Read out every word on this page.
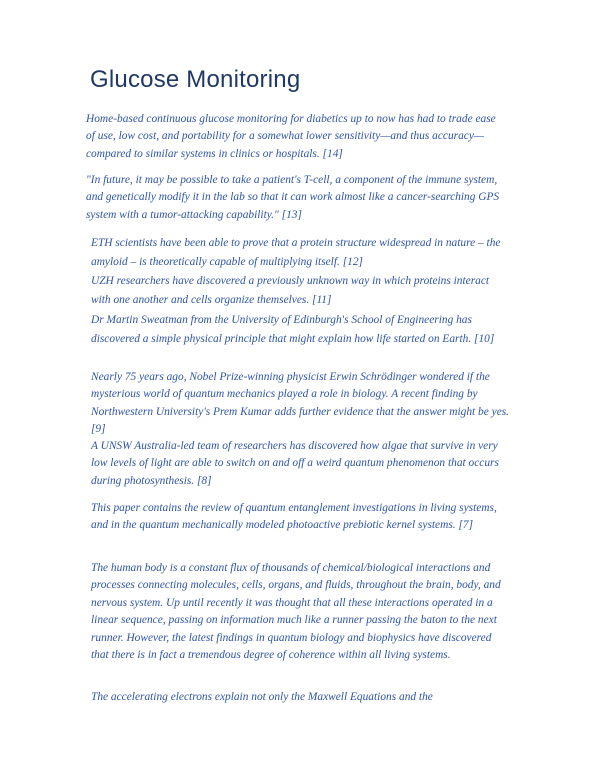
Glucose Monitoring

Home-based continuous glucose monitoring for diabetics up to now has had to trade ease of use, low cost, and portability for a somewhat lower sensitivity—and thus accuracy—compared to similar systems in clinics or hospitals. [14]

"In future, it may be possible to take a patient's T-cell, a component of the immune system, and genetically modify it in the lab so that it can work almost like a cancer-searching GPS system with a tumor-attacking capability." [13]

ETH scientists have been able to prove that a protein structure widespread in nature – the amyloid – is theoretically capable of multiplying itself. [12]

UZH researchers have discovered a previously unknown way in which proteins interact with one another and cells organize themselves. [11]

Dr Martin Sweatman from the University of Edinburgh's School of Engineering has discovered a simple physical principle that might explain how life started on Earth. [10]

Nearly 75 years ago, Nobel Prize-winning physicist Erwin Schrödinger wondered if the mysterious world of quantum mechanics played a role in biology. A recent finding by Northwestern University's Prem Kumar adds further evidence that the answer might be yes. [9]

A UNSW Australia-led team of researchers has discovered how algae that survive in very low levels of light are able to switch on and off a weird quantum phenomenon that occurs during photosynthesis. [8]

This paper contains the review of quantum entanglement investigations in living systems, and in the quantum mechanically modeled photoactive prebiotic kernel systems. [7]

The human body is a constant flux of thousands of chemical/biological interactions and processes connecting molecules, cells, organs, and fluids, throughout the brain, body, and nervous system. Up until recently it was thought that all these interactions operated in a linear sequence, passing on information much like a runner passing the baton to the next runner. However, the latest findings in quantum biology and biophysics have discovered that there is in fact a tremendous degree of coherence within all living systems.

The accelerating electrons explain not only the Maxwell Equations and the
